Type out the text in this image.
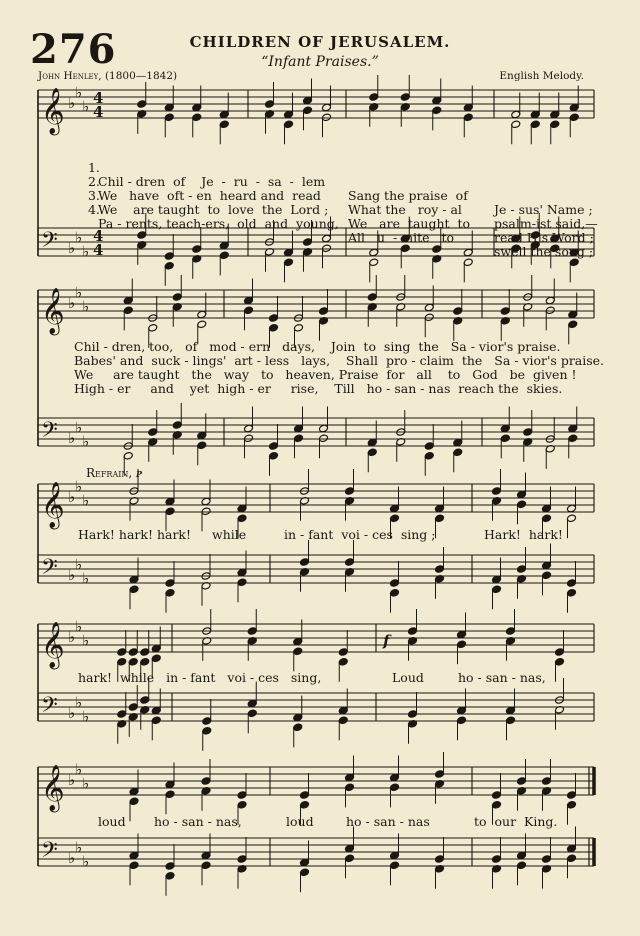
276	CHILDREN OF JERUSALEM.
“Infant Praises.”
John Henley, (1800—1842)	English Melody.
𝄞 ♭
♭
♭ 4
4
𝄢 ♭
♭
♭
4
4
𝄞 ♭
♭
♭
𝄢 ♭
♭
♭
𝄞 ♭
♭
♭
𝄢 ♭
♭
♭
𝄞 ♭
♭
♭
𝄢 ♭
♭
♭
𝄞 ♭
♭
♭
𝄢 ♭
♭
♭

1.

Chil - dren  of    Je  -  ru  -  sa  -  lem

Sang the praise  of

Je - sus' Name ;

2.

We   have  oft - en  heard and  read

What the   roy - al

psalm-ist said,—

3.

We    are taught  to  love  the  Lord ;

We   are  taught  to

read His Word ;

4.

Pa - rents, teach-ers,  old  and  young,

All   u  -  nite   to

swell the song ;

Chil - dren, too,   of   mod - ern   days,    Join  to  sing  the   Sa - vior's praise.
Babes' and  suck - lings'  art - less   lays,    Shall  pro - claim  the   Sa - vior's praise.
We     are taught   the   way   to   heaven, Praise  for   all    to   God   be  given !
High - er     and    yet  high - er     rise,    Till   ho - san - nas  reach the  skies.
Refrain, p
Hark! hark! hark! while	in - fant  voi - ces  sing ;	Hark!  hark!
f
hark!  while   in - fant   voi - ces   sing,	Loud	ho - san - nas,
loud ho - san - nas,	loud	ho - san - nas	to  our  King.
